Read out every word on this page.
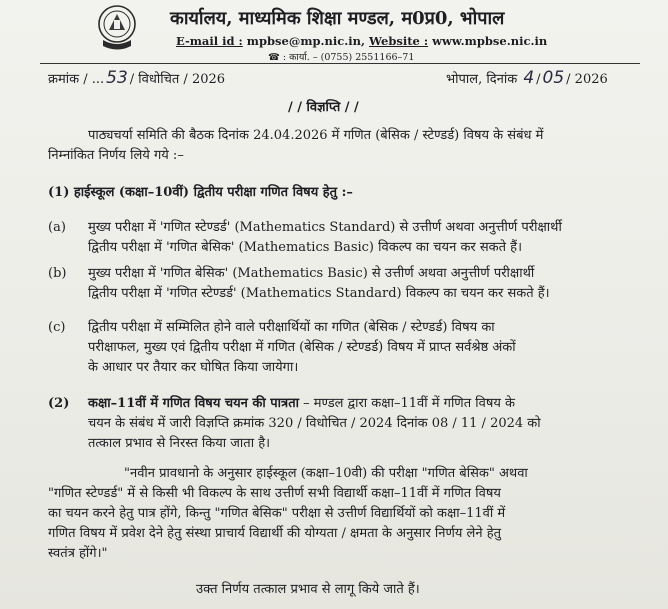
कार्यालय, माध्यमिक शिक्षा मण्डल, म0प्र0, भोपाल
E-mail id : mpbse@mp.nic.in, Website : www.mpbse.nic.in
☎ : कार्या. – (0755) 2551166–71
क्रमांक / ... 53 / विधोचित / 2026	भोपाल, दिनांक 4 / 05 / 2026
/ / विज्ञप्ति / /
पाठ्यचर्या समिति की बैठक दिनांक 24.04.2026 में गणित (बेसिक / स्टेण्डर्ड) विषय के संबंध में
निम्नांकित निर्णय लिये गये :–
(1) हाईस्कूल (कक्षा–10वीं) द्वितीय परीक्षा गणित विषय हेतु :–
(a) मुख्य परीक्षा में 'गणित स्टेण्डर्ड' (Mathematics Standard) से उत्तीर्ण अथवा अनुत्तीर्ण परीक्षार्थी
द्वितीय परीक्षा में 'गणित बेसिक' (Mathematics Basic) विकल्प का चयन कर सकते हैं।
(b) मुख्य परीक्षा में 'गणित बेसिक' (Mathematics Basic) से उत्तीर्ण अथवा अनुत्तीर्ण परीक्षार्थी
द्वितीय परीक्षा में 'गणित स्टेण्डर्ड' (Mathematics Standard) विकल्प का चयन कर सकते हैं।
(c) द्वितीय परीक्षा में सम्मिलित होने वाले परीक्षार्थियों का गणित (बेसिक / स्टेण्डर्ड) विषय का
परीक्षाफल, मुख्य एवं द्वितीय परीक्षा में गणित (बेसिक / स्टेण्डर्ड) विषय में प्राप्त सर्वश्रेष्ठ अंकों
के आधार पर तैयार कर घोषित किया जायेगा।
(2) कक्षा–11वीं में गणित विषय चयन की पात्रता – मण्डल द्वारा कक्षा–11वीं में गणित विषय के
चयन के संबंध में जारी विज्ञप्ति क्रमांक 320 / विधोचित / 2024 दिनांक 08 / 11 / 2024 को
तत्काल प्रभाव से निरस्त किया जाता है।
"नवीन प्रावधानो के अनुसार हाईस्कूल (कक्षा–10वी) की परीक्षा "गणित बेसिक" अथवा
"गणित स्टेण्डर्ड" में से किसी भी विकल्प के साथ उत्तीर्ण सभी विद्यार्थी कक्षा–11वीं में गणित विषय
का चयन करने हेतु पात्र होंगे, किन्तु "गणित बेसिक" परीक्षा से उत्तीर्ण विद्यार्थियों को कक्षा–11वीं में
गणित विषय में प्रवेश देने हेतु संस्था प्राचार्य विद्यार्थी की योग्यता / क्षमता के अनुसार निर्णय लेने हेतु
स्वतंत्र होंगे।"
उक्त निर्णय तत्काल प्रभाव से लागू किये जाते हैं।
